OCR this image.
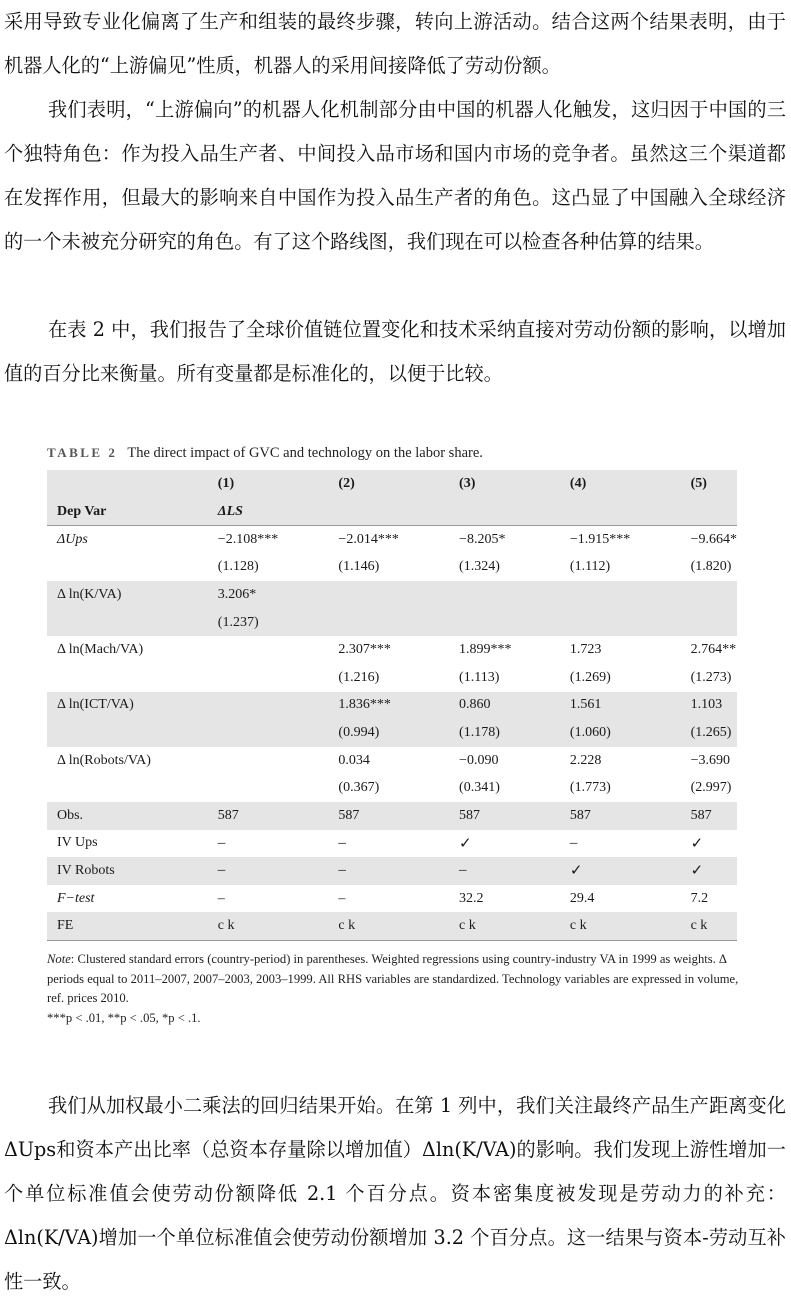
采用导致专业化偏离了生产和组装的最终步骤，转向上游活动。结合这两个结果表明，由于机器人化的“上游偏见”性质，机器人的采用间接降低了劳动份额。

我们表明，“上游偏向”的机器人化机制部分由中国的机器人化触发，这归因于中国的三个独特角色：作为投入品生产者、中间投入品市场和国内市场的竞争者。虽然这三个渠道都在发挥作用，但最大的影响来自中国作为投入品生产者的角色。这凸显了中国融入全球经济的一个未被充分研究的角色。有了这个路线图，我们现在可以检查各种估算的结果。

在表 2 中，我们报告了全球价值链位置变化和技术采纳直接对劳动份额的影响，以增加值的百分比来衡量。所有变量都是标准化的，以便于比较。

TABLE 2 The direct impact of GVC and technology on the labor share.
	(1)	(2)	(3)	(4)	(5)
Dep Var	ΔLS				
ΔUps	−2.108***	−2.014***	−8.205*	−1.915***	−9.664*
	(1.128)	(1.146)	(1.324)	(1.112)	(1.820)
Δ ln(K/VA)	3.206*				
	(1.237)				
Δ ln(Mach/VA)		2.307***	1.899***	1.723	2.764**
		(1.216)	(1.113)	(1.269)	(1.273)
Δ ln(ICT/VA)		1.836***	0.860	1.561	1.103
		(0.994)	(1.178)	(1.060)	(1.265)
Δ ln(Robots/VA)		0.034	−0.090	2.228	−3.690
		(0.367)	(0.341)	(1.773)	(2.997)
Obs.	587	587	587	587	587
IV Ups	–	–	✓	–	✓
IV Robots	–	–	–	✓	✓
F−test	–	–	32.2	29.4	7.2
FE	c k	c k	c k	c k	c k

Note: Clustered standard errors (country-period) in parentheses. Weighted regressions using country-industry VA in 1999 as weights. Δ periods equal to 2011–2007, 2007–2003, 2003–1999. All RHS variables are standardized. Technology variables are expressed in volume, ref. prices 2010.

***p < .01, **p < .05, *p < .1.

我们从加权最小二乘法的回归结果开始。在第 1 列中，我们关注最终产品生产距离变化ΔUps和资本产出比率（总资本存量除以增加值）Δln(K/VA)的影响。我们发现上游性增加一个单位标准值会使劳动份额降低 2.1 个百分点。资本密集度被发现是劳动力的补充：Δln(K/VA)增加一个单位标准值会使劳动份额增加 3.2 个百分点。这一结果与资本-劳动互补性一致。
